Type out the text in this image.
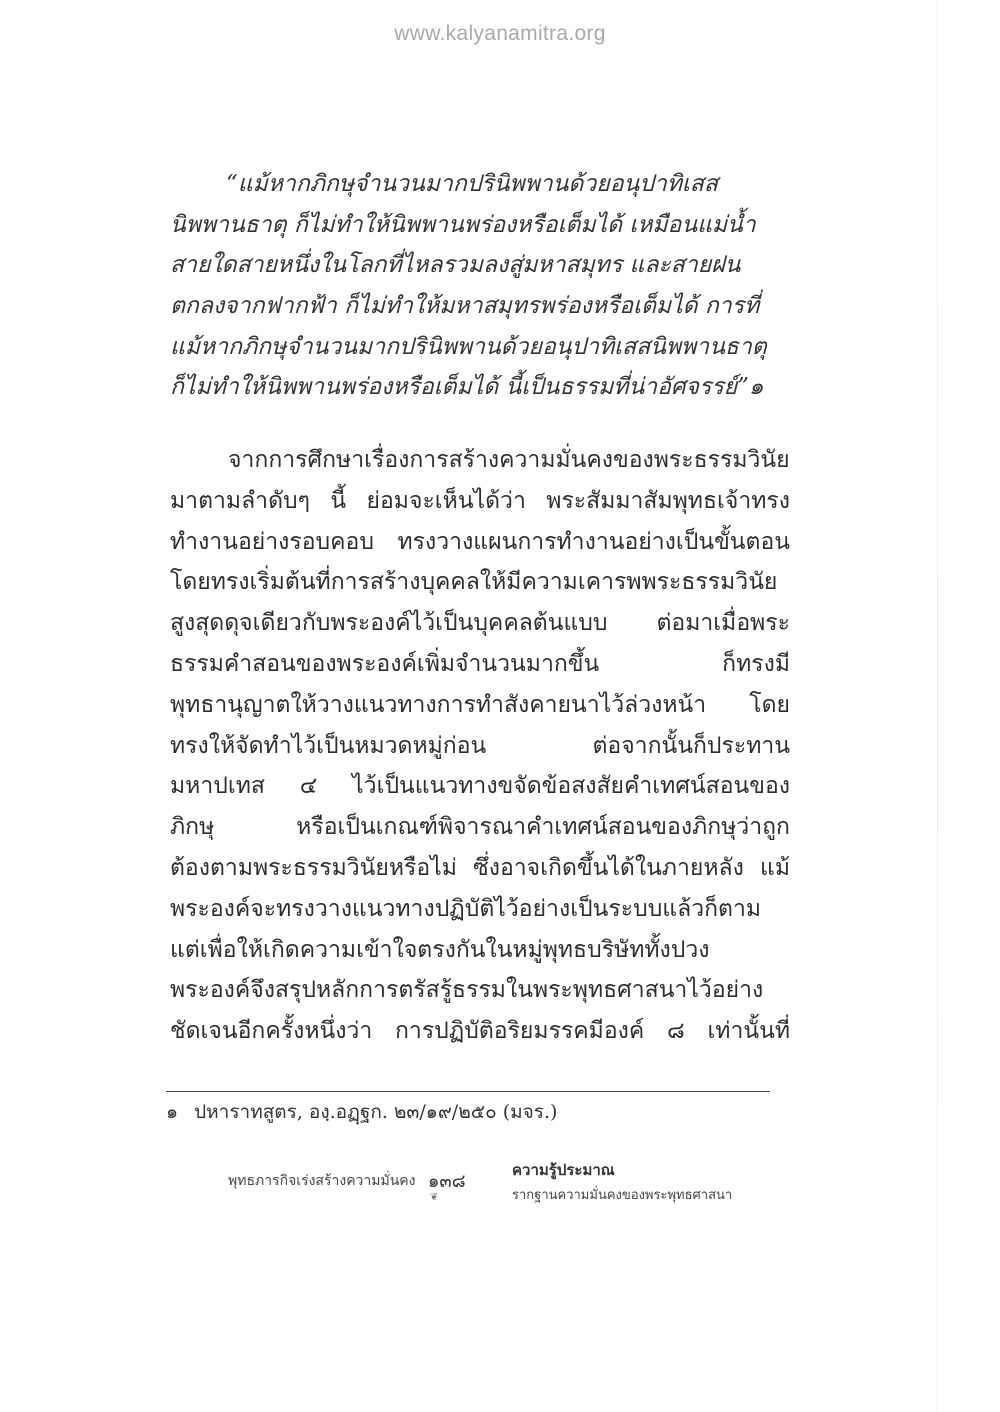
www.kalyanamitra.org
“แม้หากภิกษุจำนวนมากปรินิพพานด้วยอนุปาทิเสส
นิพพานธาตุ ก็ไม่ทำให้นิพพานพร่องหรือเต็มได้ เหมือนแม่น้ำ
สายใดสายหนึ่งในโลกที่ไหลรวมลงสู่มหาสมุทร และสายฝน
ตกลงจากฟากฟ้า ก็ไม่ทำให้มหาสมุทรพร่องหรือเต็มได้ การที่
แม้หากภิกษุจำนวนมากปรินิพพานด้วยอนุปาทิเสสนิพพานธาตุ
ก็ไม่ทำให้นิพพานพร่องหรือเต็มได้ นี้เป็นธรรมที่น่าอัศจรรย์”๑
จากการศึกษาเรื่องการสร้างความมั่นคงของพระธรรมวินัย
มาตามลำดับๆ นี้ ย่อมจะเห็นได้ว่า พระสัมมาสัมพุทธเจ้าทรง
ทำงานอย่างรอบคอบ ทรงวางแผนการทำงานอย่างเป็นขั้นตอน
โดยทรงเริ่มต้นที่การสร้างบุคคลให้มีความเคารพพระธรรมวินัย
สูงสุดดุจเดียวกับพระองค์ไว้เป็นบุคคลต้นแบบ ต่อมาเมื่อพระ
ธรรมคำสอนของพระองค์เพิ่มจำนวนมากขึ้น ก็ทรงมี
พุทธานุญาตให้วางแนวทางการทำสังคายนาไว้ล่วงหน้า โดย
ทรงให้จัดทำไว้เป็นหมวดหมู่ก่อน ต่อจากนั้นก็ประทาน
มหาปเทส ๔ ไว้เป็นแนวทางขจัดข้อสงสัยคำเทศน์สอนของ
ภิกษุ หรือเป็นเกณฑ์พิจารณาคำเทศน์สอนของภิกษุว่าถูก
ต้องตามพระธรรมวินัยหรือไม่ ซึ่งอาจเกิดขึ้นได้ในภายหลัง แม้
พระองค์จะทรงวางแนวทางปฏิบัติไว้อย่างเป็นระบบแล้วก็ตาม
แต่เพื่อให้เกิดความเข้าใจตรงกันในหมู่พุทธบริษัททั้งปวง
พระองค์จึงสรุปหลักการตรัสรู้ธรรมในพระพุทธศาสนาไว้อย่าง
ชัดเจนอีกครั้งหนึ่งว่า การปฏิบัติอริยมรรคมีองค์ ๘ เท่านั้นที่
๑ ปหาราทสูตร, องฺ.อฏฺฐก. ๒๓/๑๙/๒๕๐ (มจร.)
พุทธภารกิจเร่งสร้างความมั่นคง ๑๓๘
❦
ความรู้ประมาณ
รากฐานความมั่นคงของพระพุทธศาสนา
